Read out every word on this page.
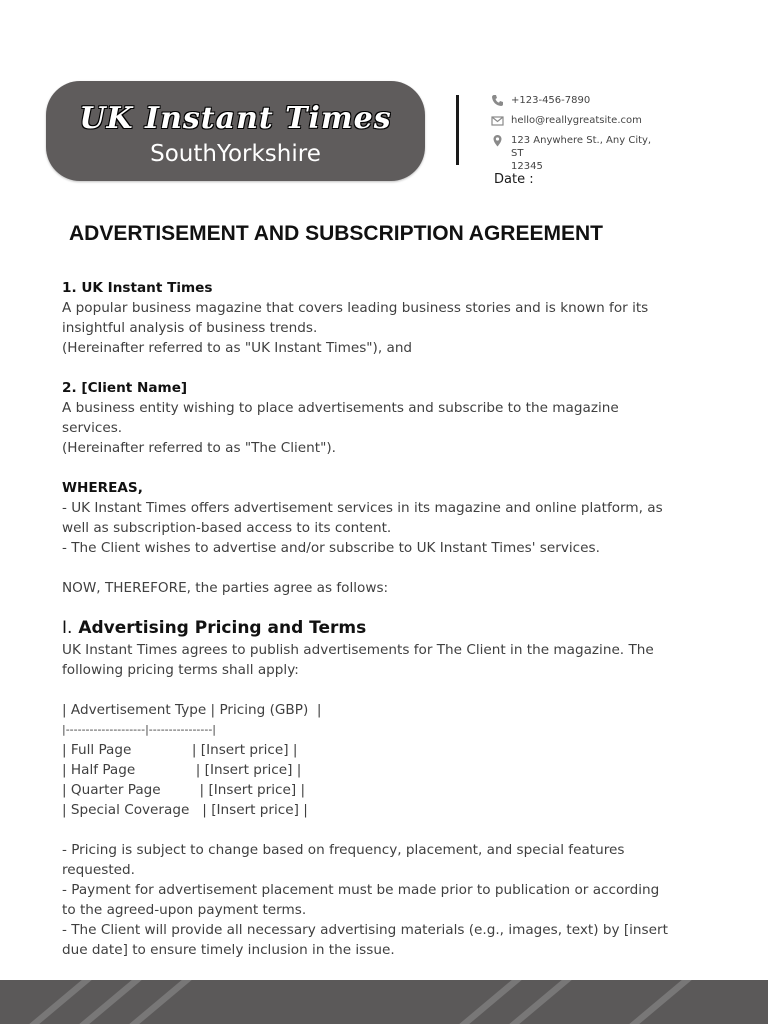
UK Instant Times
SouthYorkshire
+123-456-7890
hello@reallygreatsite.com
123 Anywhere St., Any City, ST
12345
Date :
ADVERTISEMENT AND SUBSCRIPTION AGREEMENT
1. UK Instant Times
A popular business magazine that covers leading business stories and is known for its
insightful analysis of business trends.
(Hereinafter referred to as "UK Instant Times"), and
2. [Client Name]
A business entity wishing to place advertisements and subscribe to the magazine
services.
(Hereinafter referred to as "The Client").
WHEREAS,
- UK Instant Times offers advertisement services in its magazine and online platform, as
well as subscription-based access to its content.
- The Client wishes to advertise and/or subscribe to UK Instant Times' services.
NOW, THEREFORE, the parties agree as follows:
I. Advertising Pricing and Terms
UK Instant Times agrees to publish advertisements for The Client in the magazine. The
following pricing terms shall apply:
| Advertisement Type | Pricing (GBP)  |
|--------------------|----------------|
| Full Page              | [Insert price] |
| Half Page              | [Insert price] |
| Quarter Page         | [Insert price] |
| Special Coverage   | [Insert price] |
- Pricing is subject to change based on frequency, placement, and special features
requested.
- Payment for advertisement placement must be made prior to publication or according
to the agreed-upon payment terms.
- The Client will provide all necessary advertising materials (e.g., images, text) by [insert
due date] to ensure timely inclusion in the issue.
